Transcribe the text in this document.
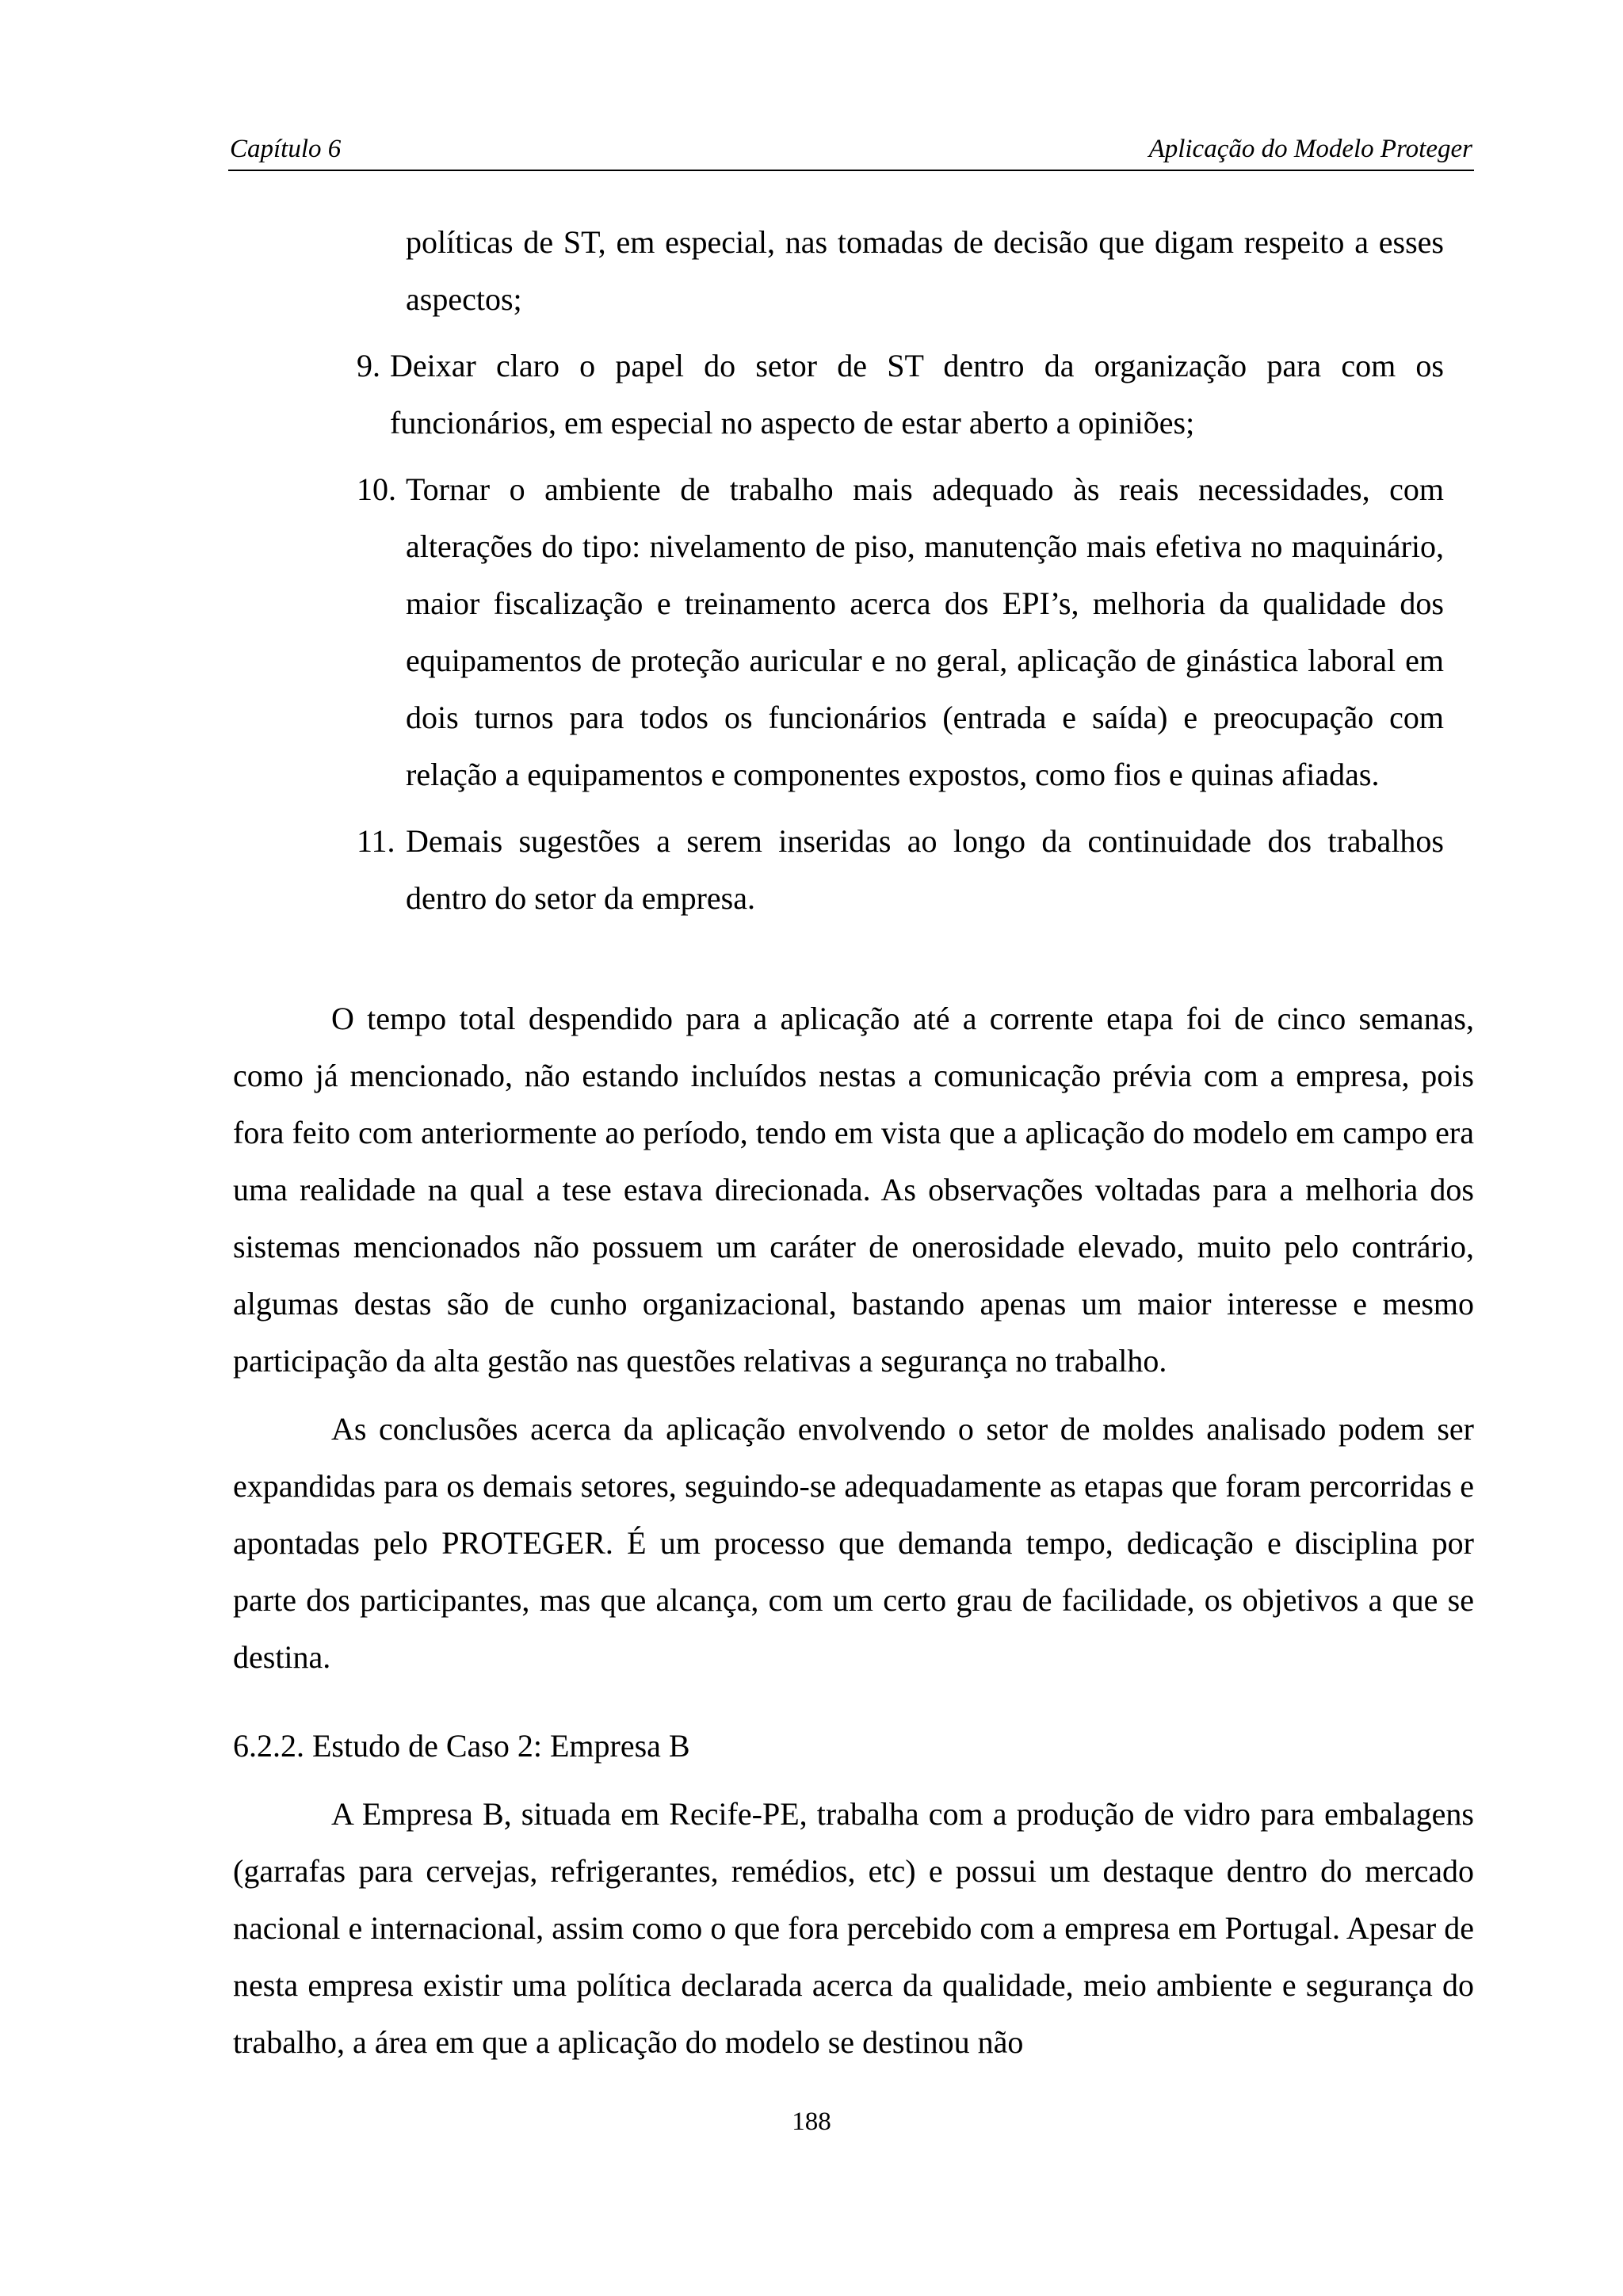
Capítulo 6	Aplicação do Modelo Proteger
políticas de ST, em especial, nas tomadas de decisão que digam respeito a esses aspectos;
9. Deixar claro o papel do setor de ST dentro da organização para com os funcionários, em especial no aspecto de estar aberto a opiniões;
10. Tornar o ambiente de trabalho mais adequado às reais necessidades, com alterações do tipo: nivelamento de piso, manutenção mais efetiva no maquinário, maior fiscalização e treinamento acerca dos EPI’s, melhoria da qualidade dos equipamentos de proteção auricular e no geral, aplicação de ginástica laboral em dois turnos para todos os funcionários (entrada e saída) e preocupação com relação a equipamentos e componentes expostos, como fios e quinas afiadas.
11. Demais sugestões a serem inseridas ao longo da continuidade dos trabalhos dentro do setor da empresa.

O tempo total despendido para a aplicação até a corrente etapa foi de cinco semanas, como já mencionado, não estando incluídos nestas a comunicação prévia com a empresa, pois fora feito com anteriormente ao período, tendo em vista que a aplicação do modelo em campo era uma realidade na qual a tese estava direcionada. As observações voltadas para a melhoria dos sistemas mencionados não possuem um caráter de onerosidade elevado, muito pelo contrário, algumas destas são de cunho organizacional, bastando apenas um maior interesse e mesmo participação da alta gestão nas questões relativas a segurança no trabalho.

As conclusões acerca da aplicação envolvendo o setor de moldes analisado podem ser expandidas para os demais setores, seguindo-se adequadamente as etapas que foram percorridas e apontadas pelo PROTEGER. É um processo que demanda tempo, dedicação e disciplina por parte dos participantes, mas que alcança, com um certo grau de facilidade, os objetivos a que se destina.

6.2.2. Estudo de Caso 2: Empresa B

A Empresa B, situada em Recife-PE, trabalha com a produção de vidro para embalagens (garrafas para cervejas, refrigerantes, remédios, etc) e possui um destaque dentro do mercado nacional e internacional, assim como o que fora percebido com a empresa em Portugal. Apesar de nesta empresa existir uma política declarada acerca da qualidade, meio ambiente e segurança do trabalho, a área em que a aplicação do modelo se destinou não

188
